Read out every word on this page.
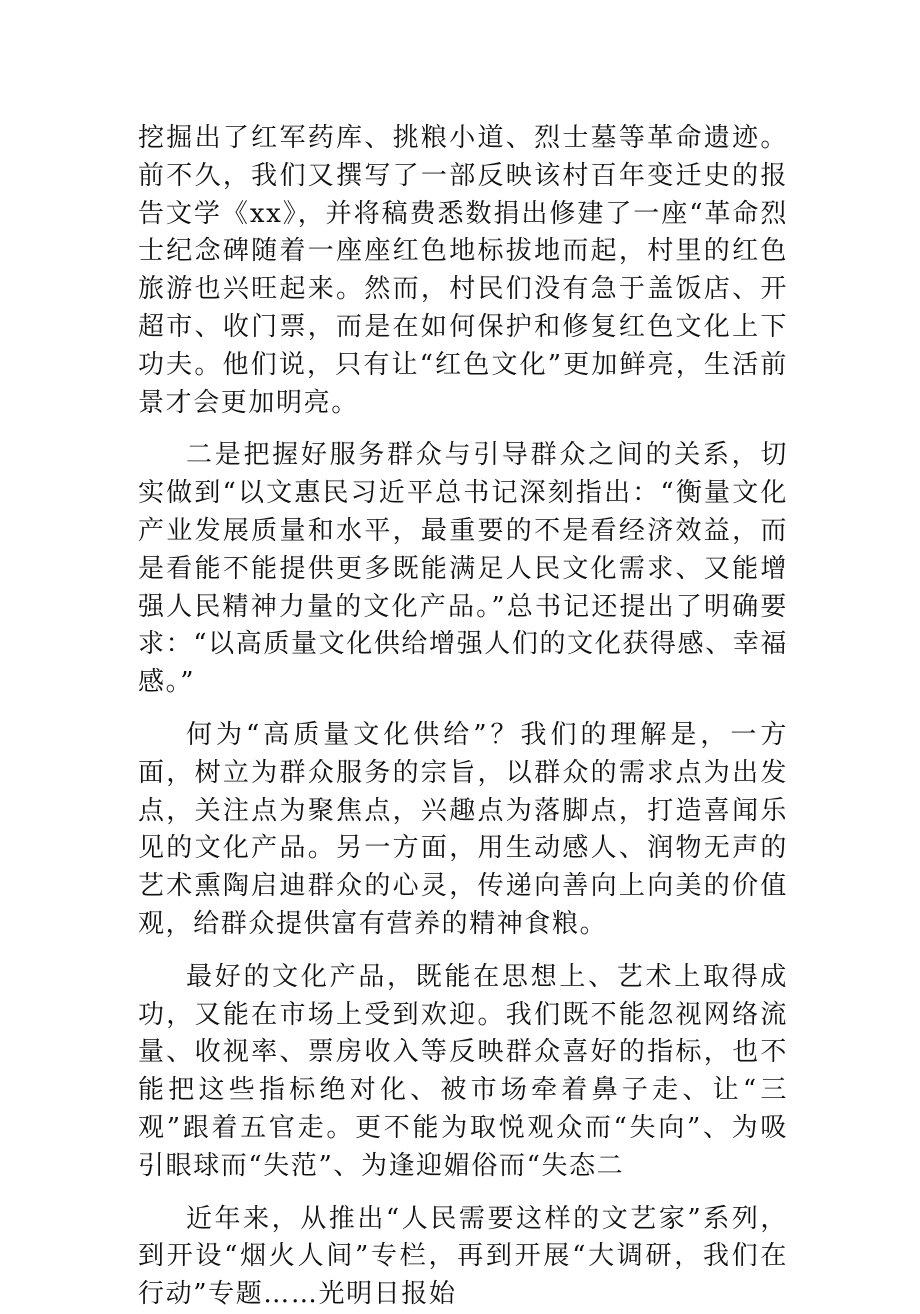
挖掘出了红军药库、挑粮小道、烈士墓等革命遗迹。前不久，我们又撰写了一部反映该村百年变迁史的报告文学《xx》，并将稿费悉数捐出修建了一座“革命烈士纪念碑随着一座座红色地标拔地而起，村里的红色旅游也兴旺起来。然而，村民们没有急于盖饭店、开超市、收门票，而是在如何保护和修复红色文化上下功夫。他们说，只有让“红色文化”更加鲜亮，生活前景才会更加明亮。

二是把握好服务群众与引导群众之间的关系，切实做到“以文惠民习近平总书记深刻指出：“衡量文化产业发展质量和水平，最重要的不是看经济效益，而是看能不能提供更多既能满足人民文化需求、又能增强人民精神力量的文化产品。”总书记还提出了明确要求：“以高质量文化供给增强人们的文化获得感、幸福感。”

何为“高质量文化供给”？我们的理解是，一方面，树立为群众服务的宗旨，以群众的需求点为出发点，关注点为聚焦点，兴趣点为落脚点，打造喜闻乐见的文化产品。另一方面，用生动感人、润物无声的艺术熏陶启迪群众的心灵，传递向善向上向美的价值观，给群众提供富有营养的精神食粮。

最好的文化产品，既能在思想上、艺术上取得成功，又能在市场上受到欢迎。我们既不能忽视网络流量、收视率、票房收入等反映群众喜好的指标，也不能把这些指标绝对化、被市场牵着鼻子走、让“三观”跟着五官走。更不能为取悦观众而“失向”、为吸引眼球而“失范”、为逢迎媚俗而“失态二

近年来，从推出“人民需要这样的文艺家”系列，到开设“烟火人间”专栏，再到开展“大调研，我们在行动”专题……光明日报始
